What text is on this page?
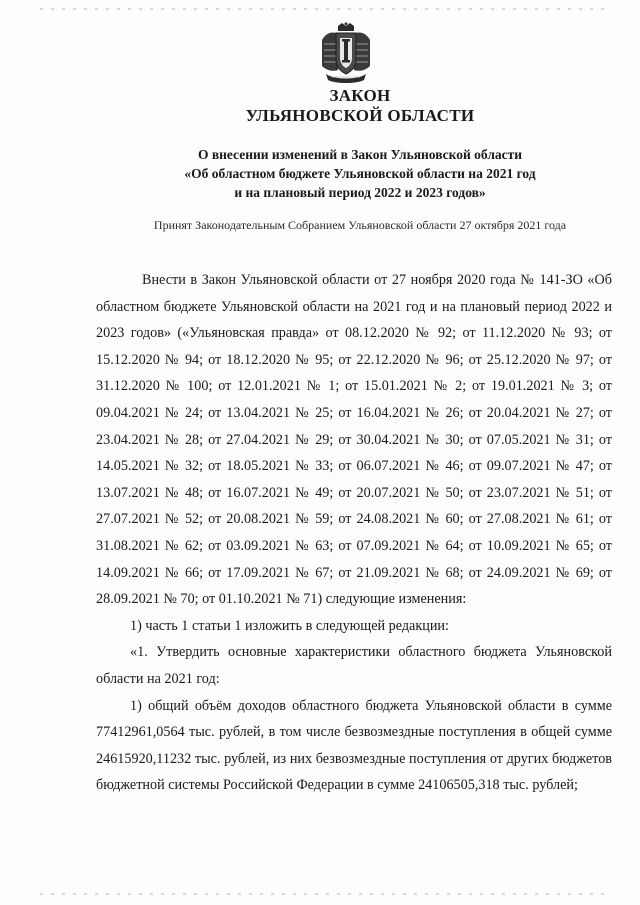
ЗАКОН
УЛЬЯНОВСКОЙ ОБЛАСТИ
О внесении изменений в Закон Ульяновской области
«Об областном бюджете Ульяновской области на 2021 год
и на плановый период 2022 и 2023 годов»
Принят Законодательным Собранием Ульяновской области 27 октября 2021 года

Внести в Закон Ульяновской области от 27 ноября 2020 года № 141-ЗО «Об областном бюджете Ульяновской области на 2021 год и на плановый период 2022 и 2023 годов» («Ульяновская правда» от 08.12.2020 № 92; от 11.12.2020 № 93; от 15.12.2020 № 94; от 18.12.2020 № 95; от 22.12.2020 № 96; от 25.12.2020 № 97; от 31.12.2020 № 100; от 12.01.2021 № 1; от 15.01.2021 № 2; от 19.01.2021 № 3; от 09.04.2021 № 24; от 13.04.2021 № 25; от 16.04.2021 № 26; от 20.04.2021 № 27; от 23.04.2021 № 28; от 27.04.2021 № 29; от 30.04.2021 № 30; от 07.05.2021 № 31; от 14.05.2021 № 32; от 18.05.2021 № 33; от 06.07.2021 № 46; от 09.07.2021 № 47; от 13.07.2021 № 48; от 16.07.2021 № 49; от 20.07.2021 № 50; от 23.07.2021 № 51; от 27.07.2021 № 52; от 20.08.2021 № 59; от 24.08.2021 № 60; от 27.08.2021 № 61; от 31.08.2021 № 62; от 03.09.2021 № 63; от 07.09.2021 № 64; от 10.09.2021 № 65; от 14.09.2021 № 66; от 17.09.2021 № 67; от 21.09.2021 № 68; от 24.09.2021 № 69; от 28.09.2021 № 70; от 01.10.2021 № 71) следующие изменения:

1) часть 1 статьи 1 изложить в следующей редакции:

«1. Утвердить основные характеристики областного бюджета Ульяновской области на 2021 год:

1) общий объём доходов областного бюджета Ульяновской области в сумме 77412961,0564 тыс. рублей, в том числе безвозмездные поступления в общей сумме 24615920,11232 тыс. рублей, из них безвозмездные поступления от других бюджетов бюджетной системы Российской Федерации в сумме 24106505,318 тыс. рублей;
